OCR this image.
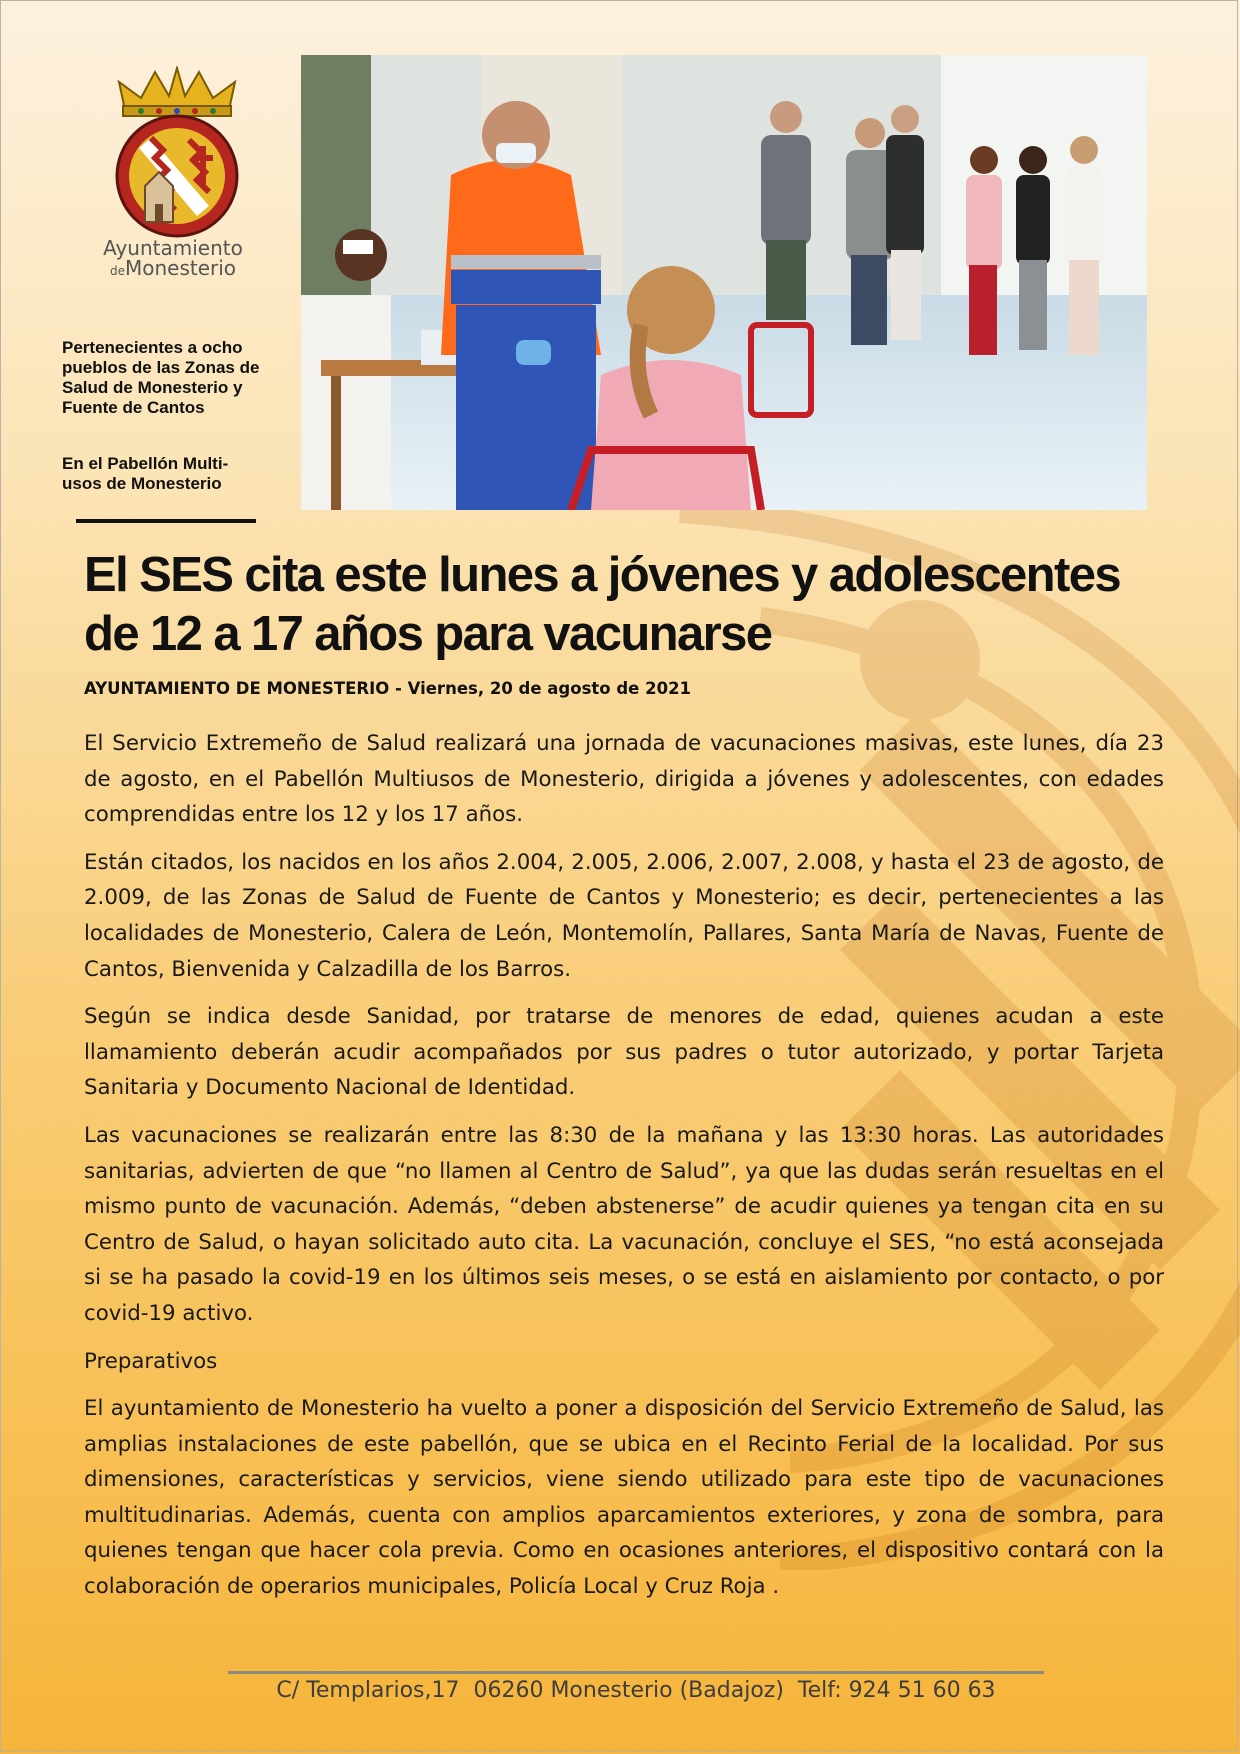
Ayuntamiento
deMonesterio

Pertenecientes a ocho pueblos de las Zonas de Salud de Monesterio y Fuente de Cantos

En el Pabellón Multi-usos de Monesterio

El SES cita este lunes a jóvenes y adolescentes de 12 a 17 años para vacunarse
AYUNTAMIENTO DE MONESTERIO - Viernes, 20 de agosto de 2021

El Servicio Extremeño de Salud realizará una jornada de vacunaciones masivas, este lunes, día 23 de agosto, en el Pabellón Multiusos de Monesterio, dirigida a jóvenes y adolescentes, con edades comprendidas entre los 12 y los 17 años.

Están citados, los nacidos en los años 2.004, 2.005, 2.006, 2.007, 2.008, y hasta el 23 de agosto, de 2.009, de las Zonas de Salud de Fuente de Cantos y Monesterio; es decir, pertenecientes a las localidades de Monesterio, Calera de León, Montemolín, Pallares, Santa María de Navas, Fuente de Cantos, Bienvenida y Calzadilla de los Barros.

Según se indica desde Sanidad, por tratarse de menores de edad, quienes acudan a este llamamiento deberán acudir acompañados por sus padres o tutor autorizado, y portar Tarjeta Sanitaria y Documento Nacional de Identidad.

Las vacunaciones se realizarán entre las 8:30 de la mañana y las 13:30 horas. Las autoridades sanitarias, advierten de que “no llamen al Centro de Salud”, ya que las dudas serán resueltas en el mismo punto de vacunación. Además, “deben abstenerse” de acudir quienes ya tengan cita en su Centro de Salud, o hayan solicitado auto cita. La vacunación, concluye el SES, “no está aconsejada si se ha pasado la covid-19 en los últimos seis meses, o se está en aislamiento por contacto, o por covid-19 activo.

Preparativos

El ayuntamiento de Monesterio ha vuelto a poner a disposición del Servicio Extremeño de Salud, las amplias instalaciones de este pabellón, que se ubica en el Recinto Ferial de la localidad. Por sus dimensiones, características y servicios, viene siendo utilizado para este tipo de vacunaciones multitudinarias. Además, cuenta con amplios aparcamientos exteriores, y zona de sombra, para quienes tengan que hacer cola previa. Como en ocasiones anteriores, el dispositivo contará con la colaboración de operarios municipales, Policía Local y Cruz Roja .

C/ Templarios,17  06260 Monesterio (Badajoz)  Telf: 924 51 60 63
